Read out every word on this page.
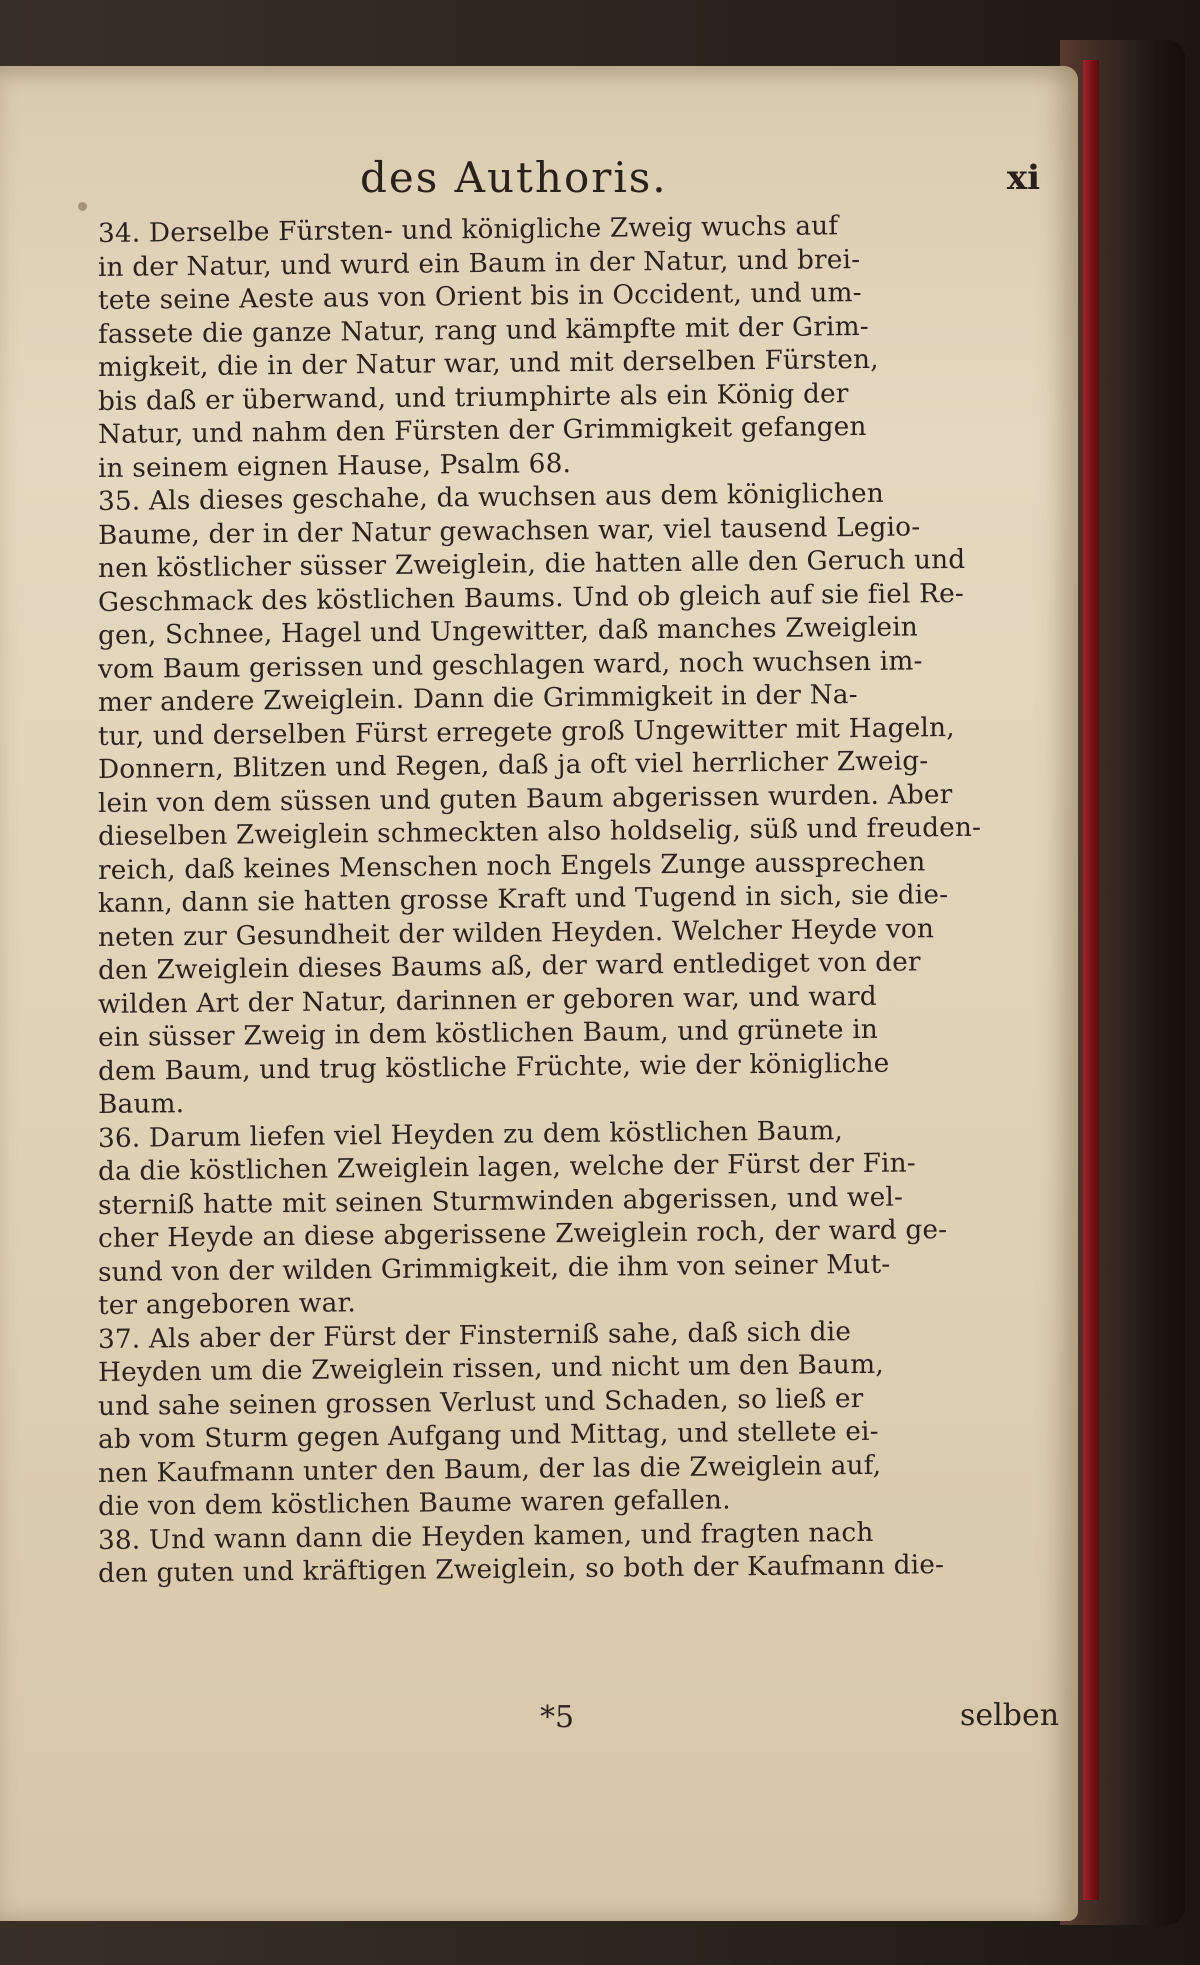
des Authoris.	xi
34. Derselbe Fürsten- und königliche Zweig wuchs auf
in der Natur, und wurd ein Baum in der Natur, und brei-
tete seine Aeste aus von Orient bis in Occident, und um-
fassete die ganze Natur, rang und kämpfte mit der Grim-
migkeit, die in der Natur war, und mit derselben Fürsten,
bis daß er überwand, und triumphirte als ein König der
Natur, und nahm den Fürsten der Grimmigkeit gefangen
in seinem eignen Hause, Psalm 68.
35. Als dieses geschahe, da wuchsen aus dem königlichen
Baume, der in der Natur gewachsen war, viel tausend Legio-
nen köstlicher süsser Zweiglein, die hatten alle den Geruch und
Geschmack des köstlichen Baums. Und ob gleich auf sie fiel Re-
gen, Schnee, Hagel und Ungewitter, daß manches Zweiglein
vom Baum gerissen und geschlagen ward, noch wuchsen im-
mer andere Zweiglein. Dann die Grimmigkeit in der Na-
tur, und derselben Fürst erregete groß Ungewitter mit Hageln,
Donnern, Blitzen und Regen, daß ja oft viel herrlicher Zweig-
lein von dem süssen und guten Baum abgerissen wurden. Aber
dieselben Zweiglein schmeckten also holdselig, süß und freuden-
reich, daß keines Menschen noch Engels Zunge aussprechen
kann, dann sie hatten grosse Kraft und Tugend in sich, sie die-
neten zur Gesundheit der wilden Heyden. Welcher Heyde von
den Zweiglein dieses Baums aß, der ward entlediget von der
wilden Art der Natur, darinnen er geboren war, und ward
ein süsser Zweig in dem köstlichen Baum, und grünete in
dem Baum, und trug köstliche Früchte, wie der königliche
Baum.
36. Darum liefen viel Heyden zu dem köstlichen Baum,
da die köstlichen Zweiglein lagen, welche der Fürst der Fin-
sterniß hatte mit seinen Sturmwinden abgerissen, und wel-
cher Heyde an diese abgerissene Zweiglein roch, der ward ge-
sund von der wilden Grimmigkeit, die ihm von seiner Mut-
ter angeboren war.
37. Als aber der Fürst der Finsterniß sahe, daß sich die
Heyden um die Zweiglein rissen, und nicht um den Baum,
und sahe seinen grossen Verlust und Schaden, so ließ er
ab vom Sturm gegen Aufgang und Mittag, und stellete ei-
nen Kaufmann unter den Baum, der las die Zweiglein auf,
die von dem köstlichen Baume waren gefallen.
38. Und wann dann die Heyden kamen, und fragten nach
den guten und kräftigen Zweiglein, so both der Kaufmann die-
*5	selben
